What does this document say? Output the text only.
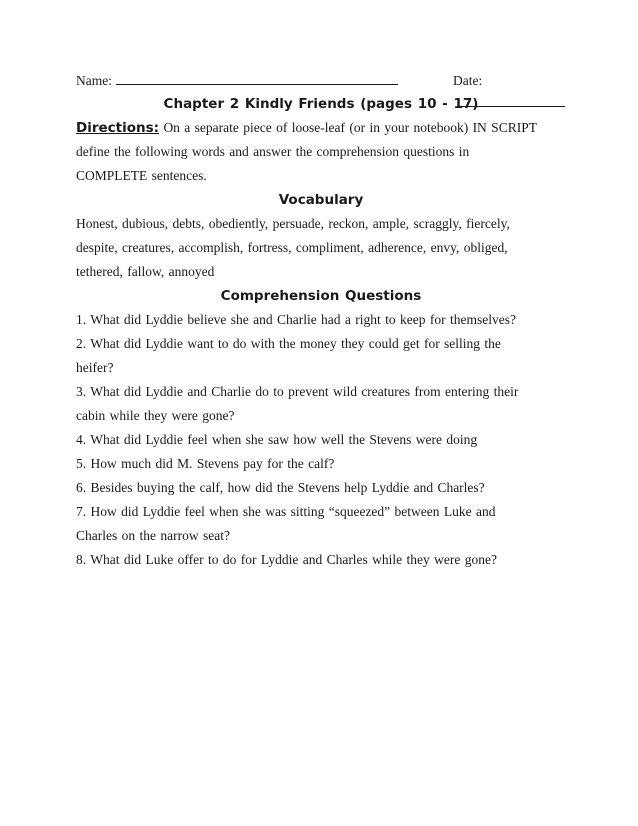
Name:	Date:
Chapter 2 Kindly Friends (pages 10 - 17)
Directions: On a separate piece of loose-leaf (or in your notebook) IN SCRIPT
define the following words and answer the comprehension questions in
COMPLETE sentences.
Vocabulary
Honest, dubious, debts, obediently, persuade, reckon, ample, scraggly, fiercely,
despite, creatures, accomplish, fortress, compliment, adherence, envy, obliged,
tethered, fallow, annoyed
Comprehension Questions
1. What did Lyddie believe she and Charlie had a right to keep for themselves?
2. What did Lyddie want to do with the money they could get for selling the
heifer?
3. What did Lyddie and Charlie do to prevent wild creatures from entering their
cabin while they were gone?
4. What did Lyddie feel when she saw how well the Stevens were doing
5. How much did M. Stevens pay for the calf?
6. Besides buying the calf, how did the Stevens help Lyddie and Charles?
7. How did Lyddie feel when she was sitting “squeezed” between Luke and
Charles on the narrow seat?
8. What did Luke offer to do for Lyddie and Charles while they were gone?
